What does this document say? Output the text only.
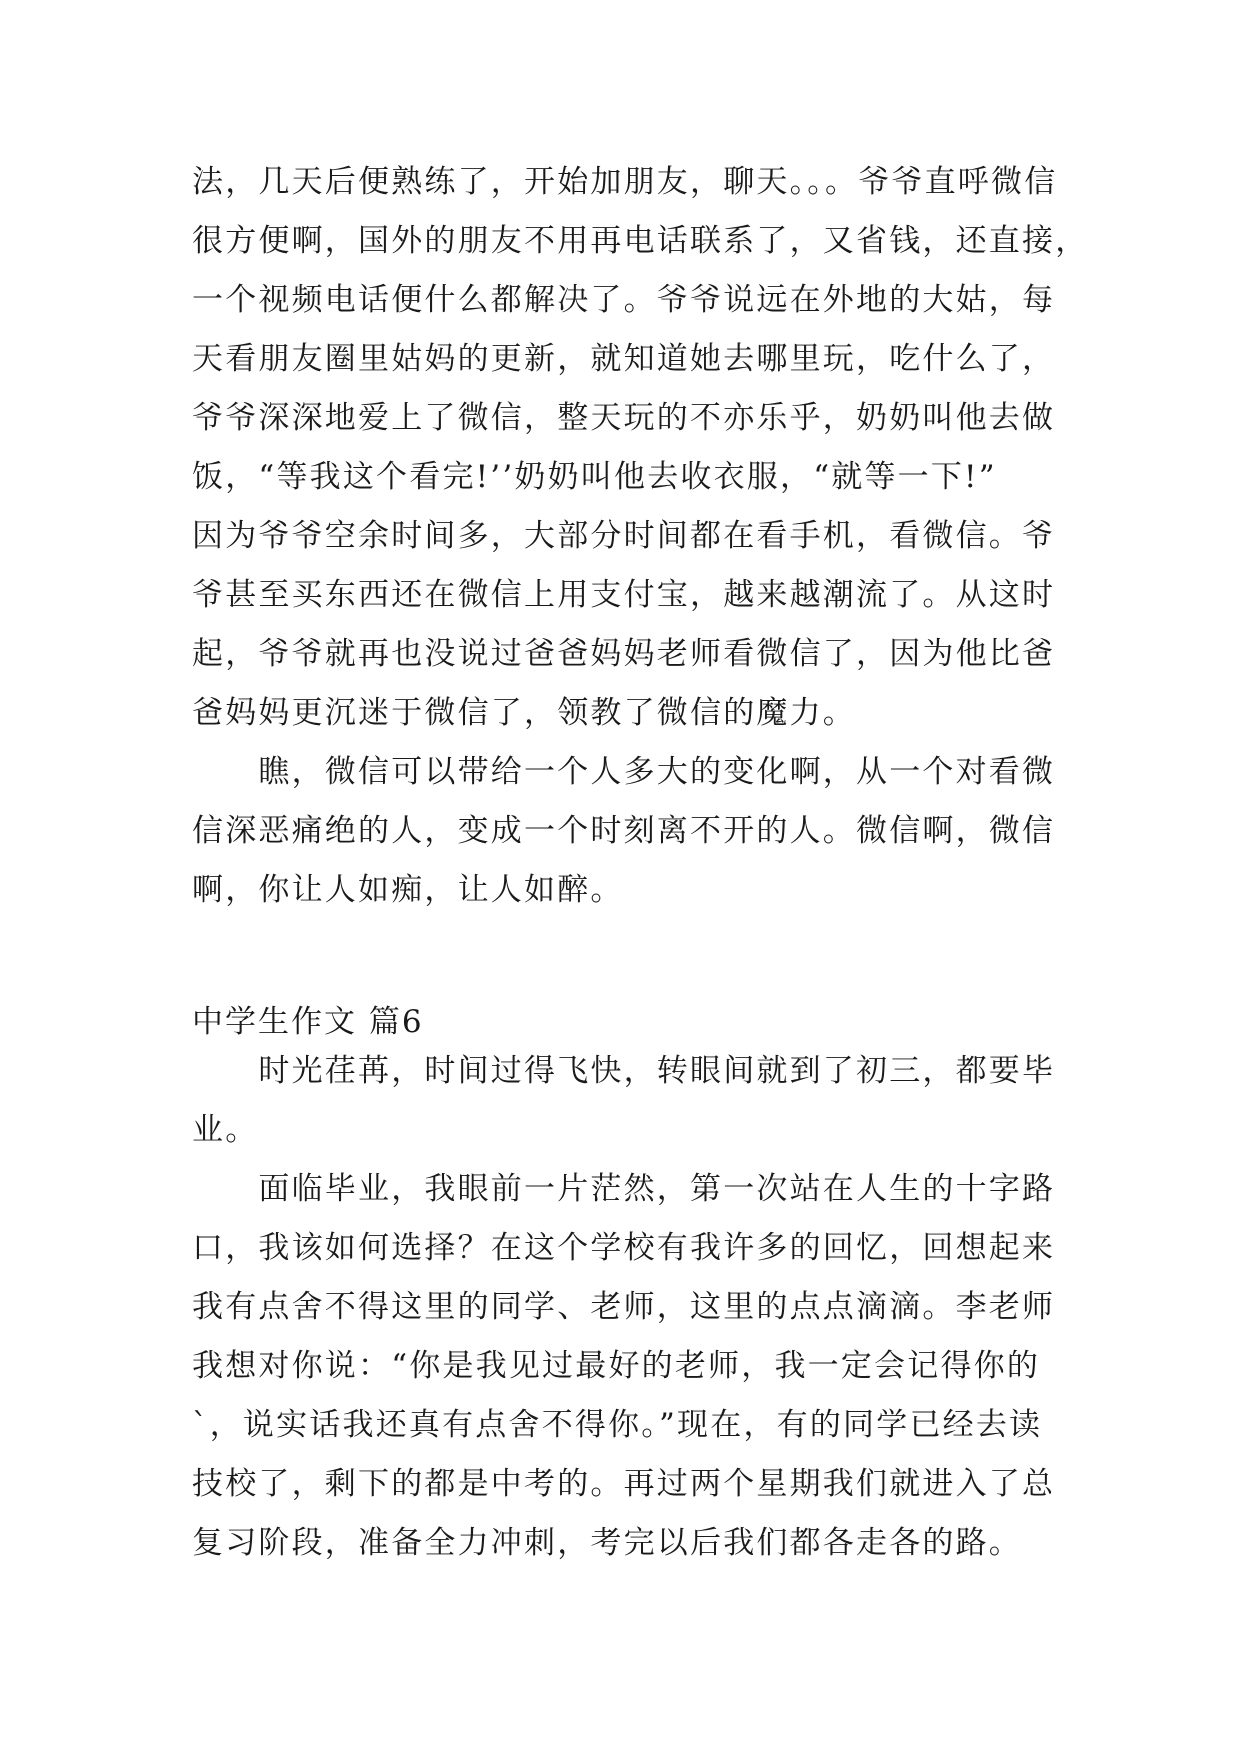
法，几天后便熟练了，开始加朋友，聊天。。。爷爷直呼微信
很方便啊，国外的朋友不用再电话联系了，又省钱，还直接，
一个视频电话便什么都解决了。爷爷说远在外地的大姑，每
天看朋友圈里姑妈的更新，就知道她去哪里玩，吃什么了，
爷爷深深地爱上了微信，整天玩的不亦乐乎，奶奶叫他去做
饭，“等我这个看完!’’奶奶叫他去收衣服，“就等一下!”
因为爷爷空余时间多，大部分时间都在看手机，看微信。爷
爷甚至买东西还在微信上用支付宝，越来越潮流了。从这时
起，爷爷就再也没说过爸爸妈妈老师看微信了，因为他比爸
爸妈妈更沉迷于微信了，领教了微信的魔力。
　　瞧，微信可以带给一个人多大的变化啊，从一个对看微
信深恶痛绝的人，变成一个时刻离不开的人。微信啊，微信
啊，你让人如痴，让人如醉。
中学生作文 篇6
　　时光荏苒，时间过得飞快，转眼间就到了初三，都要毕
业。
　　面临毕业，我眼前一片茫然，第一次站在人生的十字路
口，我该如何选择？在这个学校有我许多的回忆，回想起来
我有点舍不得这里的同学、老师，这里的点点滴滴。李老师
我想对你说：“你是我见过最好的老师，我一定会记得你的
`，说实话我还真有点舍不得你。”现在，有的同学已经去读
技校了，剩下的都是中考的。再过两个星期我们就进入了总
复习阶段，准备全力冲刺，考完以后我们都各走各的路。
